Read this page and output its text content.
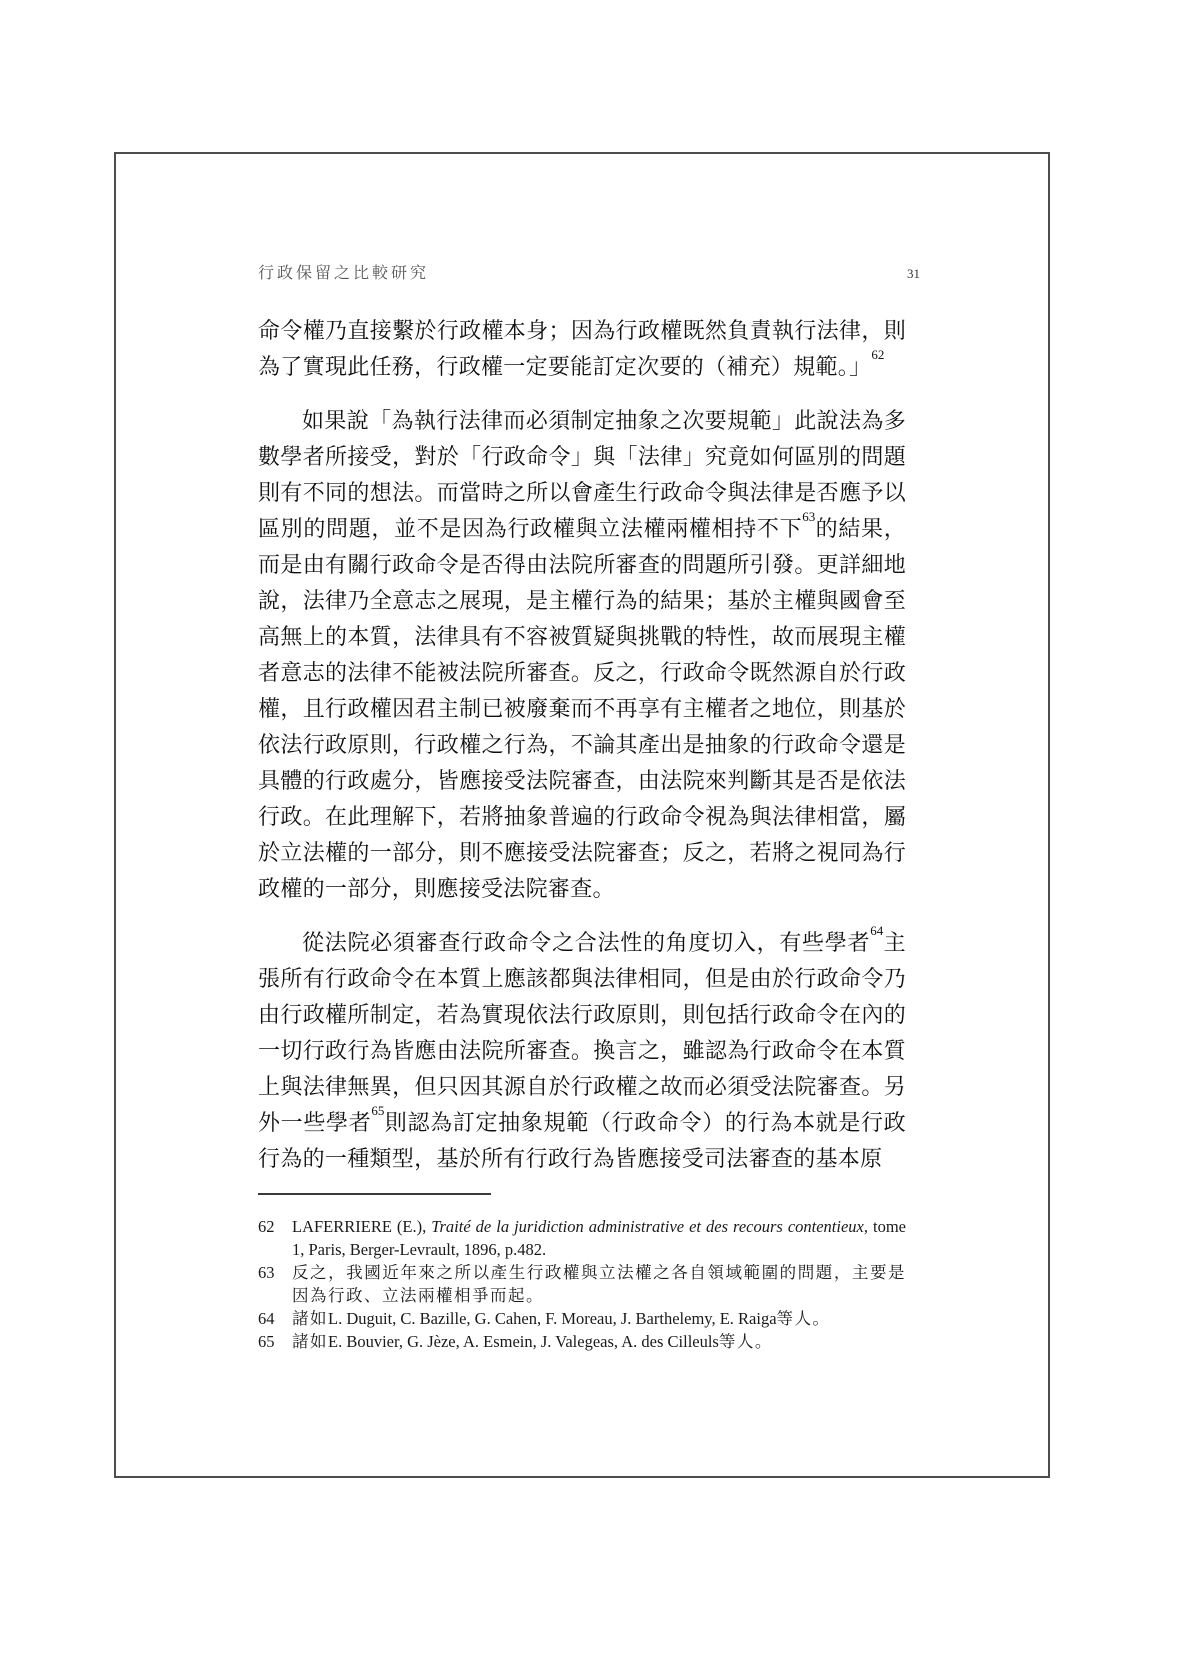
行政保留之比較研究	31

命令權乃直接繫於行政權本身；因為行政權既然負責執行法律，則為了實現此任務，行政權一定要能訂定次要的（補充）規範。」$^{62}$

如果說「為執行法律而必須制定抽象之次要規範」此說法為多數學者所接受，對於「行政命令」與「法律」究竟如何區別的問題則有不同的想法。而當時之所以會產生行政命令與法律是否應予以區別的問題，並不是因為行政權與立法權兩權相持不下$^{63}$的結果，而是由有關行政命令是否得由法院所審查的問題所引發。更詳細地說，法律乃全意志之展現，是主權行為的結果；基於主權與國會至高無上的本質，法律具有不容被質疑與挑戰的特性，故而展現主權者意志的法律不能被法院所審查。反之，行政命令既然源自於行政權，且行政權因君主制已被廢棄而不再享有主權者之地位，則基於依法行政原則，行政權之行為，不論其產出是抽象的行政命令還是具體的行政處分，皆應接受法院審查，由法院來判斷其是否是依法行政。在此理解下，若將抽象普遍的行政命令視為與法律相當，屬於立法權的一部分，則不應接受法院審查；反之，若將之視同為行政權的一部分，則應接受法院審查。

從法院必須審查行政命令之合法性的角度切入，有些學者$^{64}$主張所有行政命令在本質上應該都與法律相同，但是由於行政命令乃由行政權所制定，若為實現依法行政原則，則包括行政命令在內的一切行政行為皆應由法院所審查。換言之，雖認為行政命令在本質上與法律無異，但只因其源自於行政權之故而必須受法院審查。另外一些學者$^{65}$則認為訂定抽象規範（行政命令）的行為本就是行政行為的一種類型，基於所有行政行為皆應接受司法審查的基本原

62	LAFERRIERE (E.), Traité de la juridiction administrative et des recours contentieux, tome 1, Paris, Berger-Levrault, 1896, p.482.
63	反之，我國近年來之所以產生行政權與立法權之各自領域範圍的問題，主要是因為行政、立法兩權相爭而起。
64	諸如L. Duguit, C. Bazille, G. Cahen, F. Moreau, J. Barthelemy, E. Raiga等人。
65	諸如E. Bouvier, G. Jèze, A. Esmein, J. Valegeas, A. des Cilleuls等人。
